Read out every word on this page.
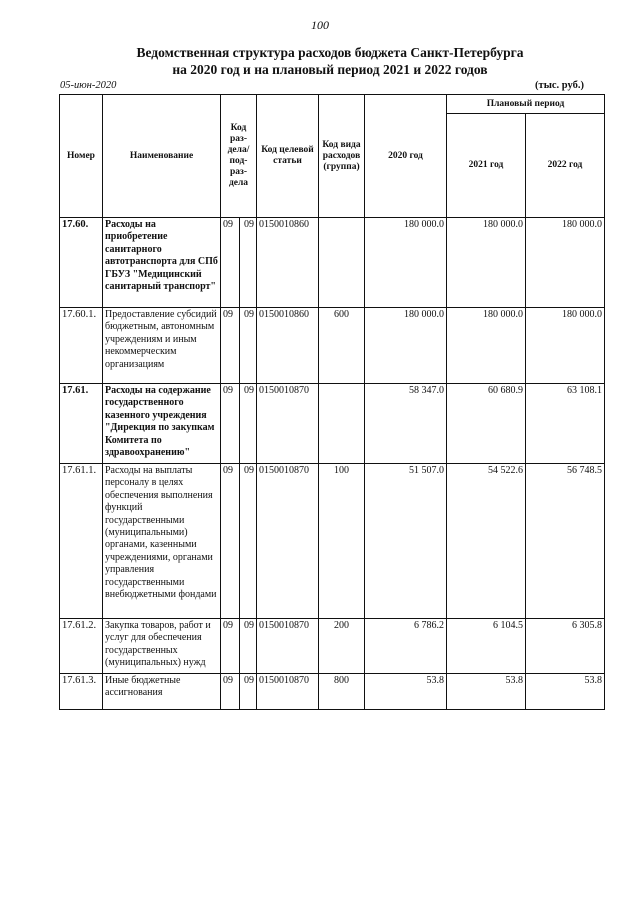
100
Ведомственная структура расходов бюджета Санкт-Петербурга
на 2020 год и на плановый период 2021 и 2022 годов
05-июн-2020	(тыс. руб.)
Номер	Наименование	Код раз- дела/ под- раз- дела		Код целевой статьи	Код вида расходов (группа)	2020 год	Плановый период	
							2021 год	2022 год
17.60.	Расходы на приобретение санитарного автотранспорта для СПб ГБУЗ "Медицинский санитарный транспорт"	09	09	0150010860		180 000.0	180 000.0	180 000.0
17.60.1.	Предоставление субсидий бюджетным, автономным учреждениям и иным некоммерческим организациям	09	09	0150010860	600	180 000.0	180 000.0	180 000.0
17.61.	Расходы на содержание государственного казенного учреждения "Дирекция по закупкам Комитета по здравоохранению"	09	09	0150010870		58 347.0	60 680.9	63 108.1
17.61.1.	Расходы на выплаты персоналу в целях обеспечения выполнения функций государственными (муниципальными) органами, казенными учреждениями, органами управления государственными внебюджетными фондами	09	09	0150010870	100	51 507.0	54 522.6	56 748.5
17.61.2.	Закупка товаров, работ и услуг для обеспечения государственных (муниципальных) нужд	09	09	0150010870	200	6 786.2	6 104.5	6 305.8
17.61.3.	Иные бюджетные ассигнования	09	09	0150010870	800	53.8	53.8	53.8
